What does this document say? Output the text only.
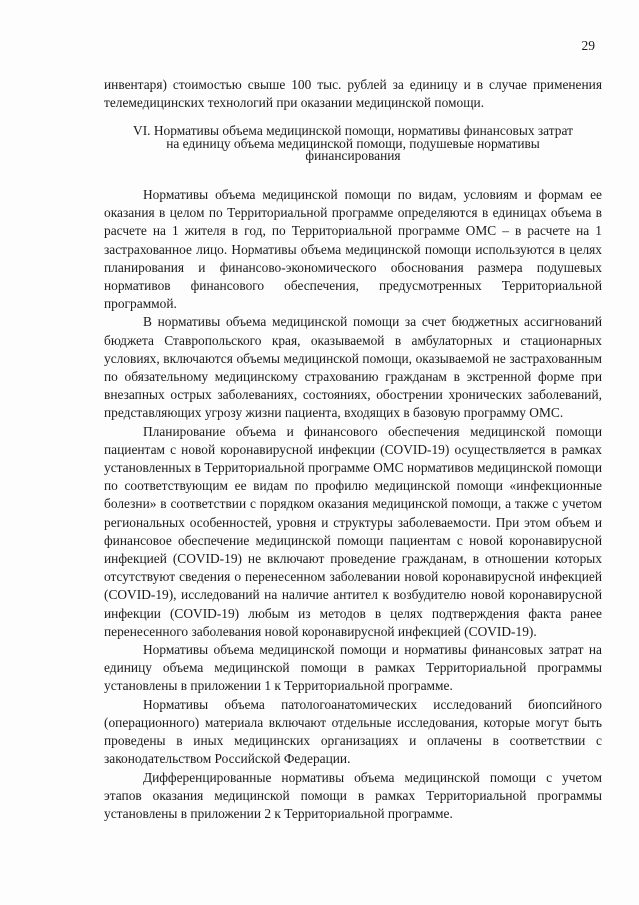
29
инвентаря) стоимостью свыше 100 тыс. рублей за единицу и в случае применения телемедицинских технологий при оказании медицинской помощи.
VI. Нормативы объема медицинской помощи, нормативы финансовых затрат
на единицу объема медицинской помощи, подушевые нормативы
финансирования

Нормативы объема медицинской помощи по видам, условиям и формам ее оказания в целом по Территориальной программе определяются в единицах объема в расчете на 1 жителя в год, по Территориальной программе ОМС – в расчете на 1 застрахованное лицо. Нормативы объема медицинской помощи используются в целях планирования и финансово-экономического обоснования размера подушевых нормативов финансового обеспечения, предусмотренных Территориальной программой.

В нормативы объема медицинской помощи за счет бюджетных ассигнований бюджета Ставропольского края, оказываемой в амбулаторных и стационарных условиях, включаются объемы медицинской помощи, оказываемой не застрахованным по обязательному медицинскому страхованию гражданам в экстренной форме при внезапных острых заболеваниях, состояниях, обострении хронических заболеваний, представляющих угрозу жизни пациента, входящих в базовую программу ОМС.

Планирование объема и финансового обеспечения медицинской помощи пациентам с новой коронавирусной инфекции (COVID-19) осуществляется в рамках установленных в Территориальной программе ОМС нормативов медицинской помощи по соответствующим ее видам по профилю медицинской помощи «инфекционные болезни» в соответствии с порядком оказания медицинской помощи, а также с учетом региональных особенностей, уровня и структуры заболеваемости. При этом объем и финансовое обеспечение медицинской помощи пациентам с новой коронавирусной инфекцией (COVID-19) не включают проведение гражданам, в отношении которых отсутствуют сведения о перенесенном заболевании новой коронавирусной инфекцией (COVID-19), исследований на наличие антител к возбудителю новой коронавирусной инфекции (COVID-19) любым из методов в целях подтверждения факта ранее перенесенного заболевания новой коронавирусной инфекцией (COVID-19).

Нормативы объема медицинской помощи и нормативы финансовых затрат на единицу объема медицинской помощи в рамках Территориальной программы установлены в приложении 1 к Территориальной программе.

Нормативы объема патологоанатомических исследований биопсийного (операционного) материала включают отдельные исследования, которые могут быть проведены в иных медицинских организациях и оплачены в соответствии с законодательством Российской Федерации.

Дифференцированные нормативы объема медицинской помощи с учетом этапов оказания медицинской помощи в рамках Территориальной программы установлены в приложении 2 к Территориальной программе.
